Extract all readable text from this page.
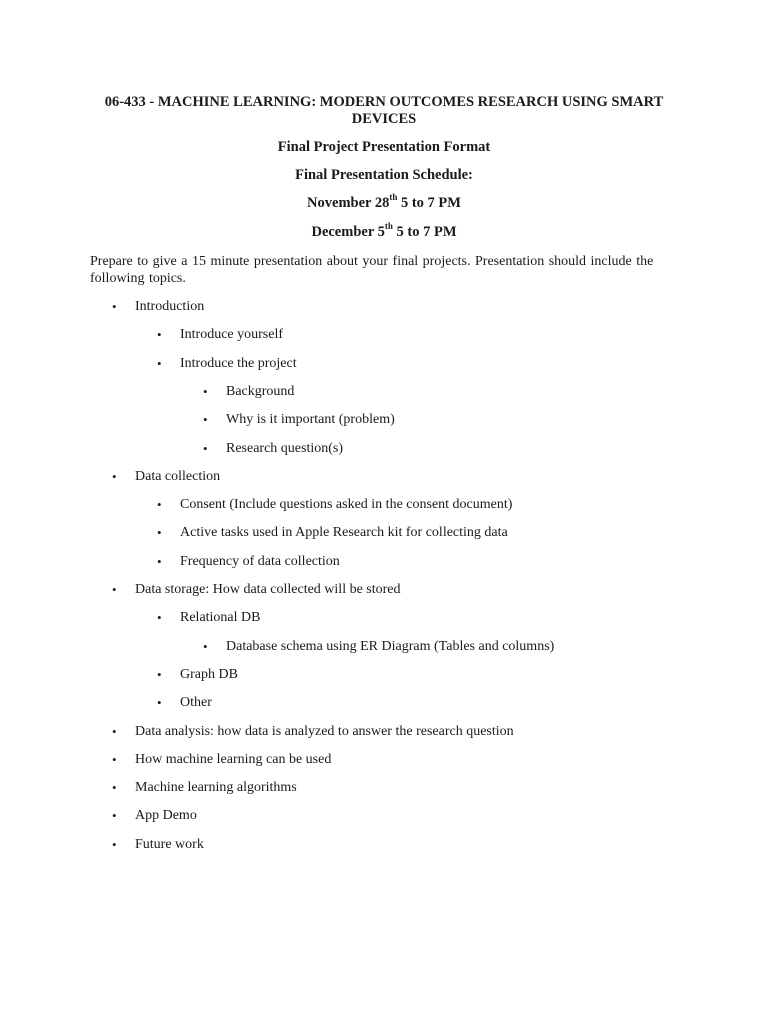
06-433 - MACHINE LEARNING: MODERN OUTCOMES RESEARCH USING SMART DEVICES
Final Project Presentation Format
Final Presentation Schedule:
November 28th 5 to 7 PM
December 5th 5 to 7 PM
Prepare to give a 15 minute presentation about your final projects. Presentation should include the following topics.
• Introduction
• Introduce yourself
• Introduce the project
• Background
• Why is it important (problem)
• Research question(s)
• Data collection
• Consent (Include questions asked in the consent document)
• Active tasks used in Apple Research kit for collecting data
• Frequency of data collection
• Data storage: How data collected will be stored
• Relational DB
• Database schema using ER Diagram (Tables and columns)
• Graph DB
• Other
• Data analysis: how data is analyzed to answer the research question
• How machine learning can be used
• Machine learning algorithms
• App Demo
• Future work
